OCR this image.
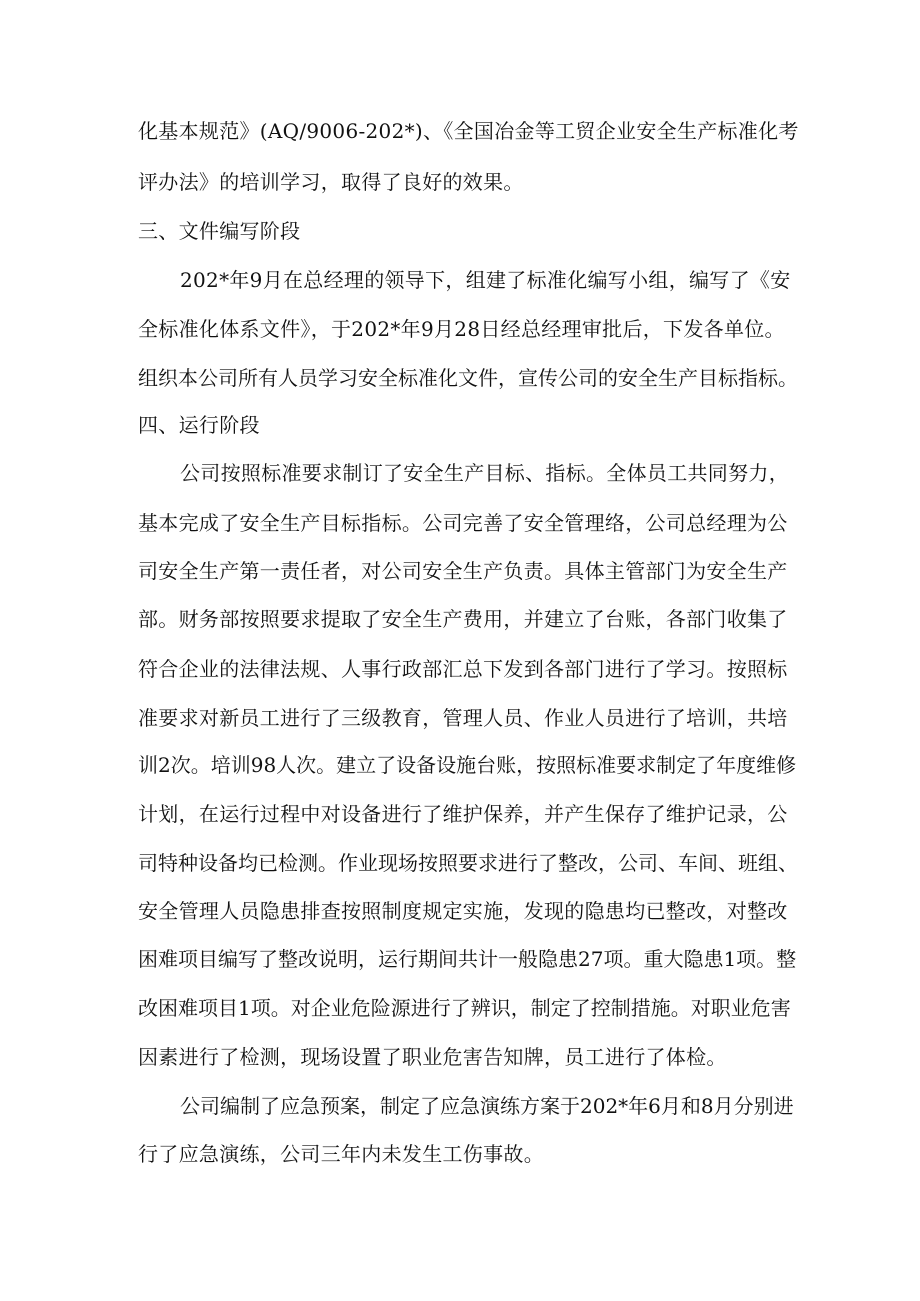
化基本规范》(AQ/9006-202*)、《全国冶金等工贸企业安全生产标准化考
评办法》的培训学习，取得了良好的效果。
三、文件编写阶段
202*年9月在总经理的领导下，组建了标准化编写小组，编写了《安
全标准化体系文件》，于202*年9月28日经总经理审批后，下发各单位。
组织本公司所有人员学习安全标准化文件，宣传公司的安全生产目标指标。
四、运行阶段
公司按照标准要求制订了安全生产目标、指标。全体员工共同努力，
基本完成了安全生产目标指标。公司完善了安全管理络，公司总经理为公
司安全生产第一责任者，对公司安全生产负责。具体主管部门为安全生产
部。财务部按照要求提取了安全生产费用，并建立了台账，各部门收集了
符合企业的法律法规、人事行政部汇总下发到各部门进行了学习。按照标
准要求对新员工进行了三级教育，管理人员、作业人员进行了培训，共培
训2次。培训98人次。建立了设备设施台账，按照标准要求制定了年度维修
计划，在运行过程中对设备进行了维护保养，并产生保存了维护记录，公
司特种设备均已检测。作业现场按照要求进行了整改，公司、车间、班组、
安全管理人员隐患排查按照制度规定实施，发现的隐患均已整改，对整改
困难项目编写了整改说明，运行期间共计一般隐患27项。重大隐患1项。整
改困难项目1项。对企业危险源进行了辨识，制定了控制措施。对职业危害
因素进行了检测，现场设置了职业危害告知牌，员工进行了体检。
公司编制了应急预案，制定了应急演练方案于202*年6月和8月分别进
行了应急演练，公司三年内未发生工伤事故。
